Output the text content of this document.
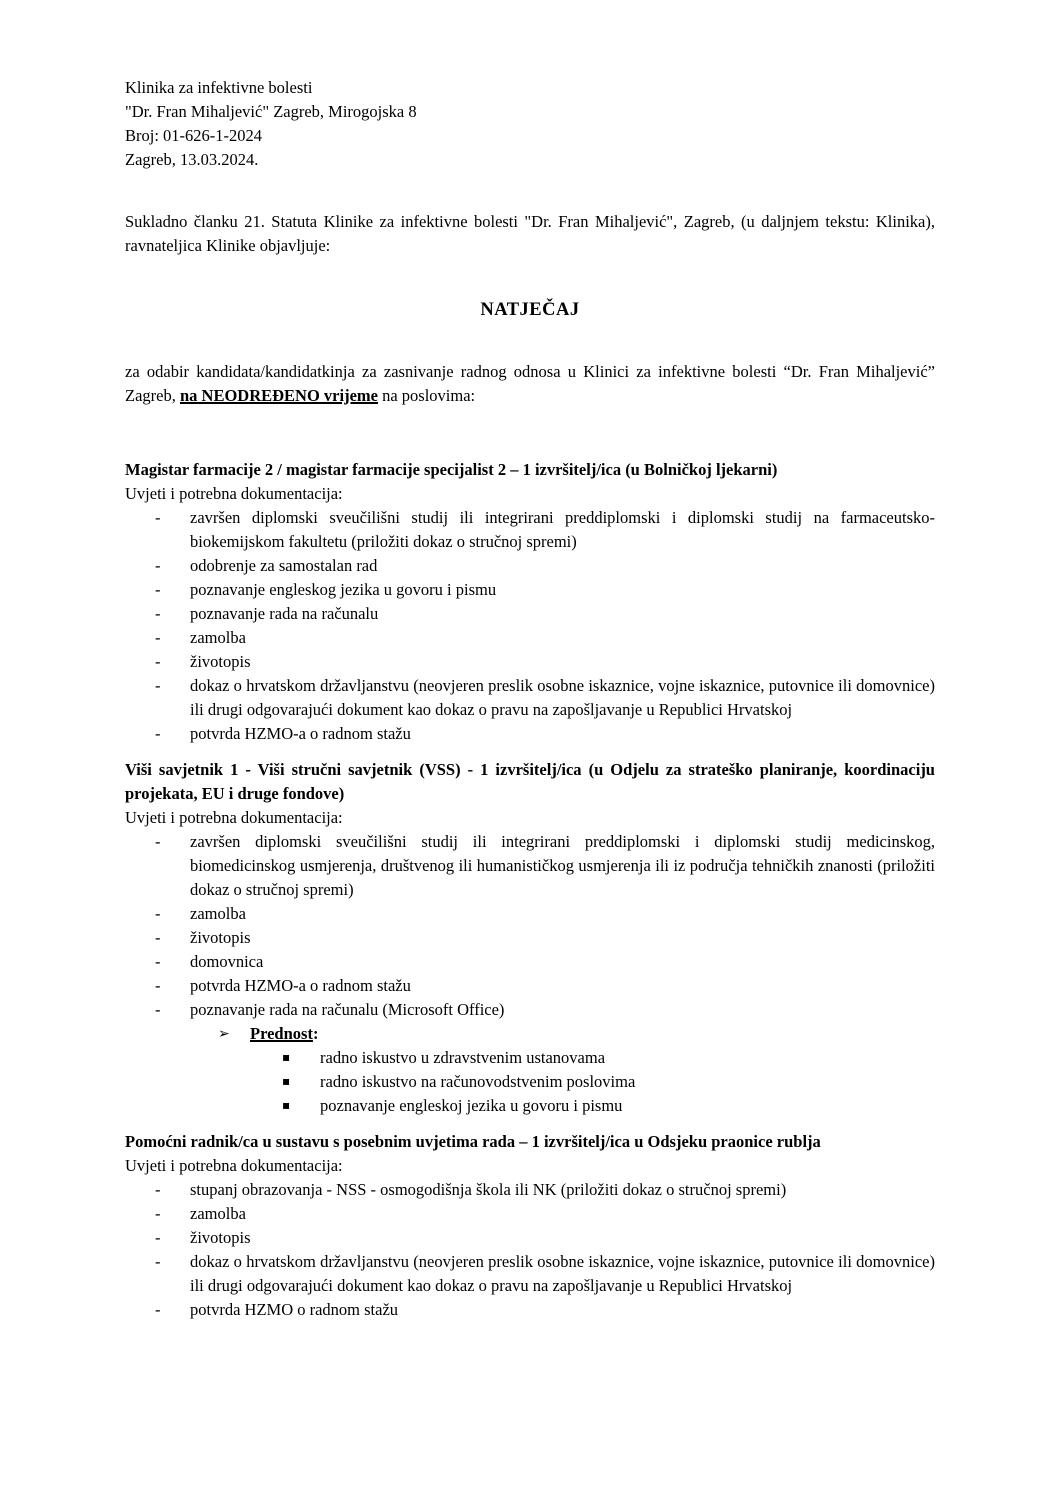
Klinika za infektivne bolesti
"Dr. Fran Mihaljević" Zagreb, Mirogojska 8
Broj: 01-626-1-2024
Zagreb, 13.03.2024.

Sukladno članku 21. Statuta Klinike za infektivne bolesti "Dr. Fran Mihaljević", Zagreb, (u daljnjem tekstu: Klinika), ravnateljica Klinike objavljuje:

NATJEČAJ

za odabir kandidata/kandidatkinja za zasnivanje radnog odnosa u Klinici za infektivne bolesti “Dr. Fran Mihaljević” Zagreb, na NEODREĐENO vrijeme na poslovima:

Magistar farmacije 2 / magistar farmacije specijalist 2 – 1 izvršitelj/ica (u Bolničkoj ljekarni)
Uvjeti i potrebna dokumentacija:
- završen diplomski sveučilišni studij ili integrirani preddiplomski i diplomski studij na farmaceutsko-biokemijskom fakultetu (priložiti dokaz o stručnoj spremi)
- odobrenje za samostalan rad
- poznavanje engleskog jezika u govoru i pismu
- poznavanje rada na računalu
- zamolba
- životopis
- dokaz o hrvatskom državljanstvu (neovjeren preslik osobne iskaznice, vojne iskaznice, putovnice ili domovnice) ili drugi odgovarajući dokument kao dokaz o pravu na zapošljavanje u Republici Hrvatskoj
- potvrda HZMO-a o radnom stažu
Viši savjetnik 1 - Viši stručni savjetnik (VSS) - 1 izvršitelj/ica (u Odjelu za strateško planiranje, koordinaciju projekata, EU i druge fondove)
Uvjeti i potrebna dokumentacija:
- završen diplomski sveučilišni studij ili integrirani preddiplomski i diplomski studij medicinskog, biomedicinskog usmjerenja, društvenog ili humanističkog usmjerenja ili iz područja tehničkih znanosti (priložiti dokaz o stručnoj spremi)
- zamolba
- životopis
- domovnica
- potvrda HZMO-a o radnom stažu
- poznavanje rada na računalu (Microsoft Office)
➢ Prednost:
▪ radno iskustvo u zdravstvenim ustanovama
▪ radno iskustvo na računovodstvenim poslovima
▪ poznavanje engleskoj jezika u govoru i pismu
Pomoćni radnik/ca u sustavu s posebnim uvjetima rada – 1 izvršitelj/ica u Odsjeku praonice rublja
Uvjeti i potrebna dokumentacija:
- stupanj obrazovanja - NSS - osmogodišnja škola ili NK (priložiti dokaz o stručnoj spremi)
- zamolba
- životopis
- dokaz o hrvatskom državljanstvu (neovjeren preslik osobne iskaznice, vojne iskaznice, putovnice ili domovnice) ili drugi odgovarajući dokument kao dokaz o pravu na zapošljavanje u Republici Hrvatskoj
- potvrda HZMO o radnom stažu
